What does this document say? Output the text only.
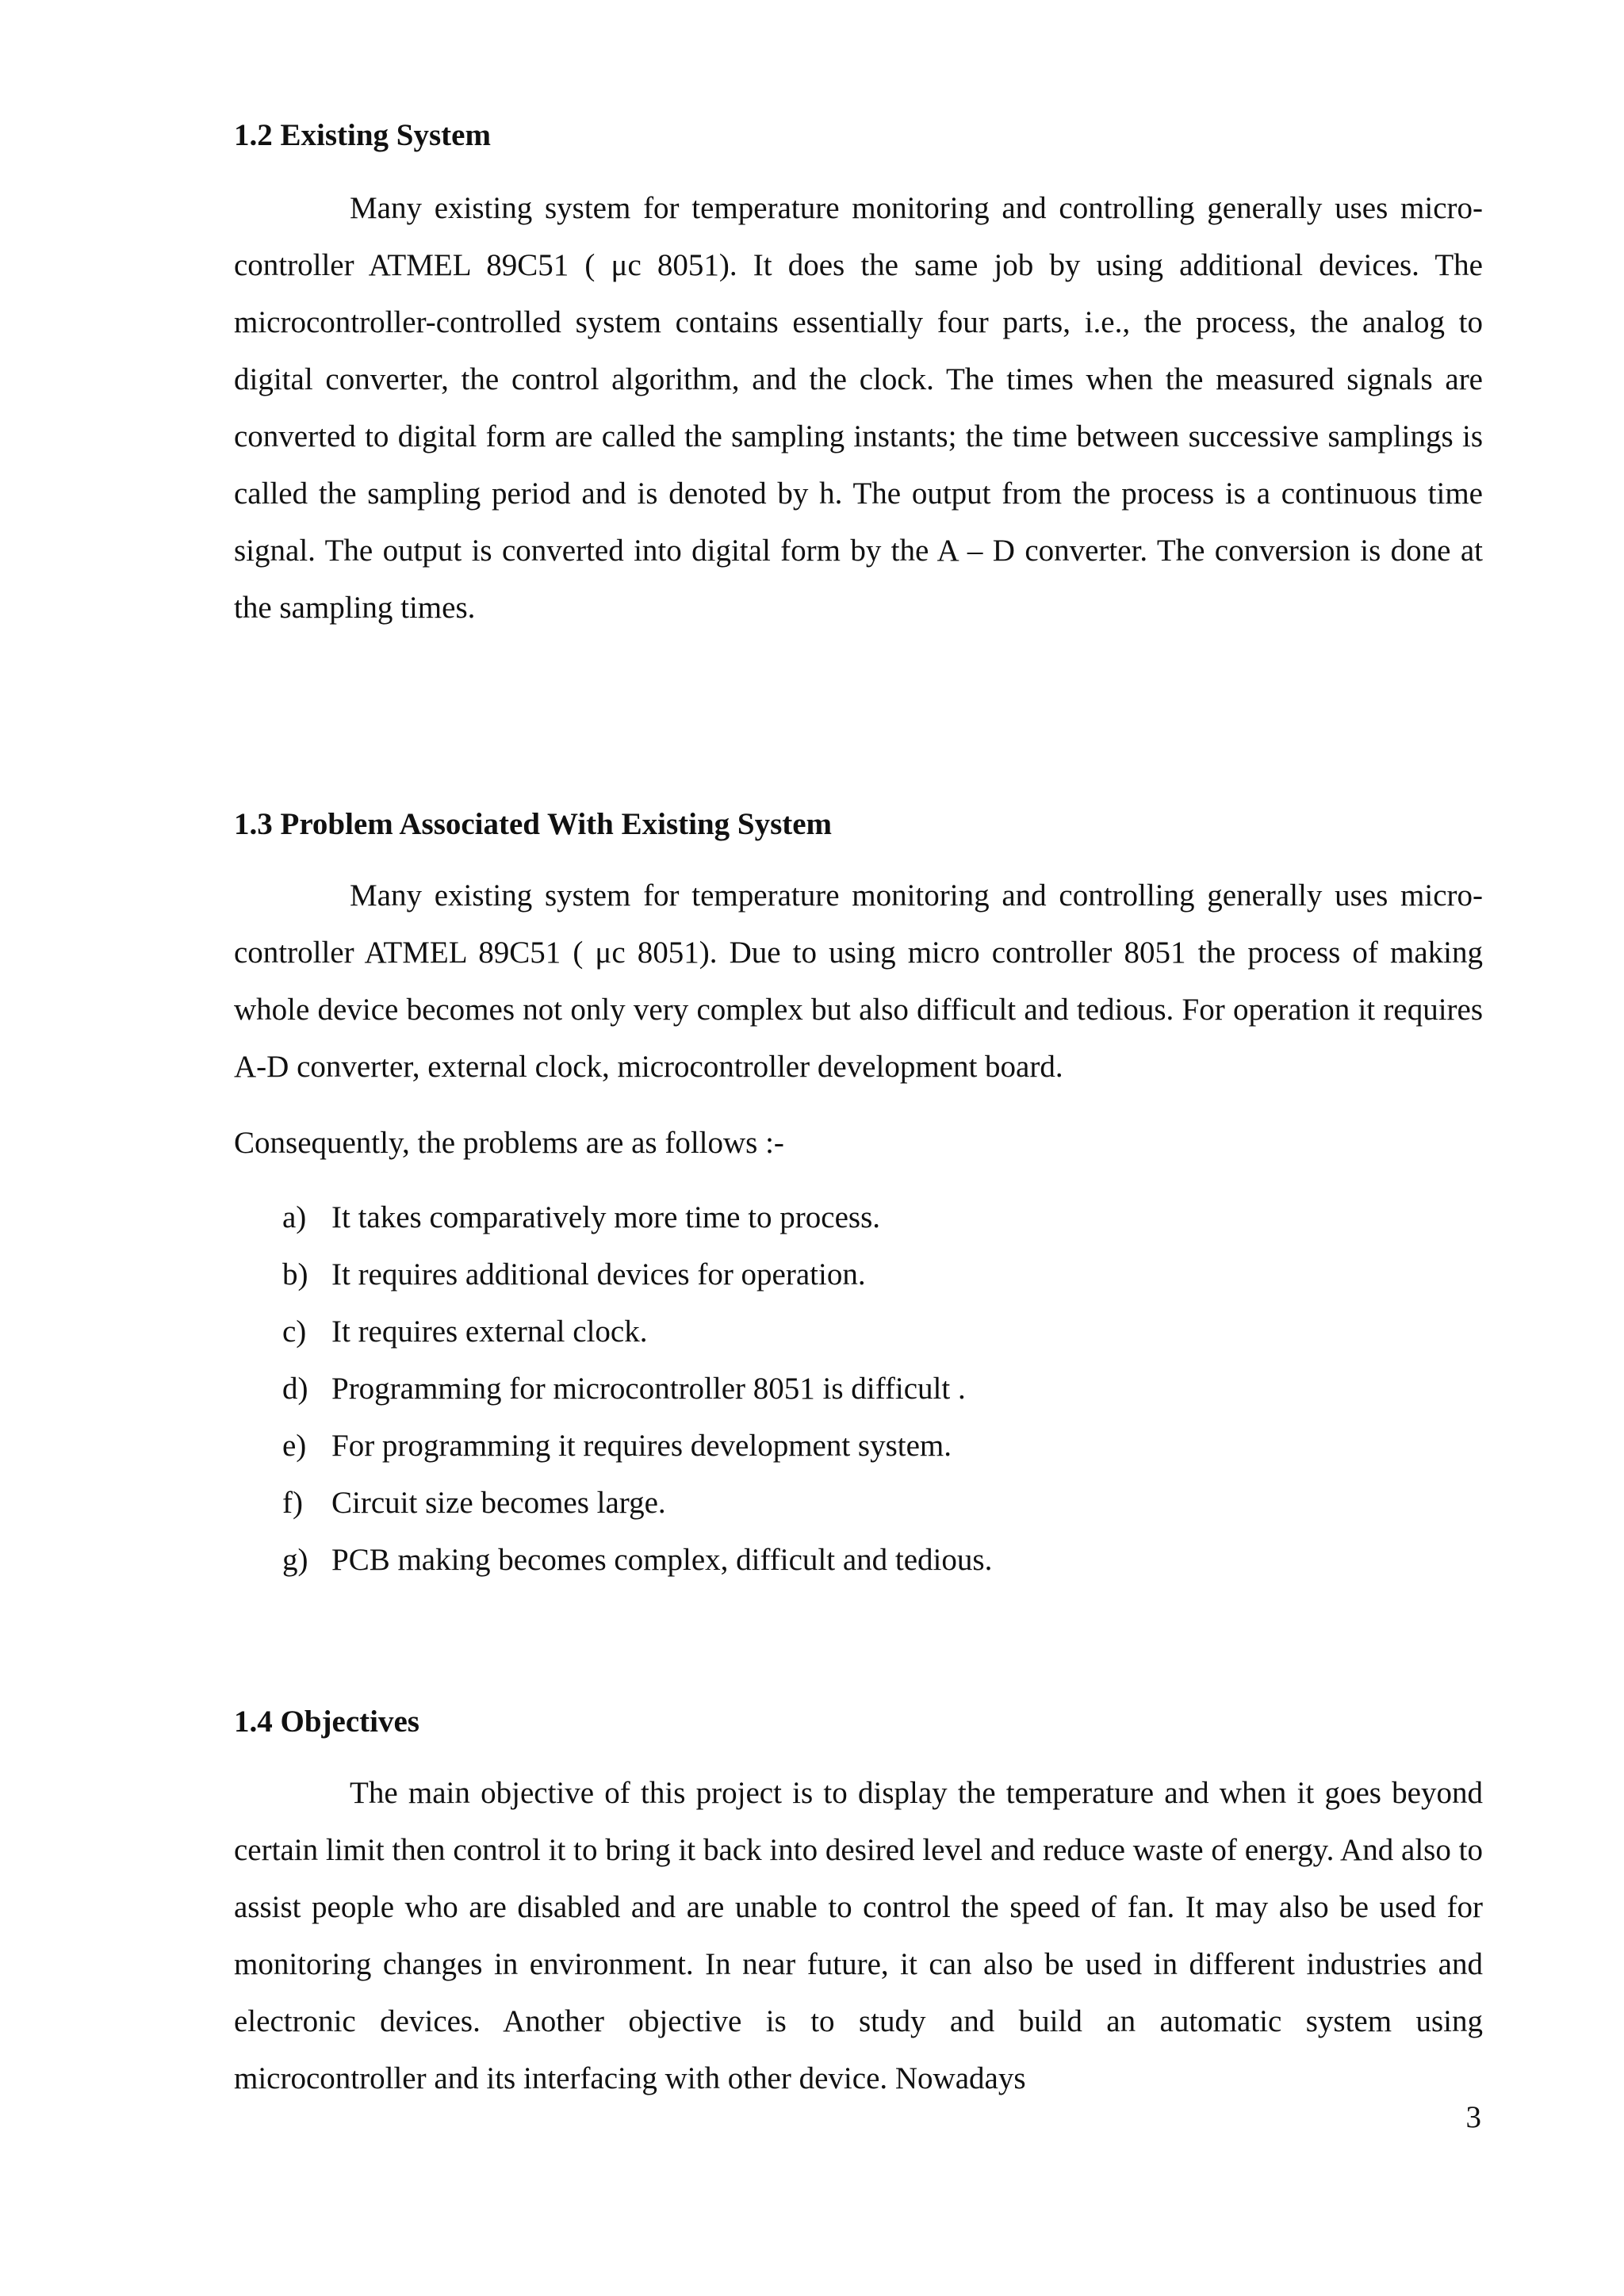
1.2 Existing System

Many existing system for temperature monitoring and controlling generally uses micro-controller ATMEL 89C51 ( μc 8051). It does the same job by using additional devices. The microcontroller-controlled system contains essentially four parts, i.e., the process, the analog to digital converter, the control algorithm, and the clock. The times when the measured signals are converted to digital form are called the sampling instants; the time between successive samplings is called the sampling period and is denoted by h. The output from the process is a continuous time signal. The output is converted into digital form by the A – D converter. The conversion is done at the sampling times.

1.3 Problem Associated With Existing System

Many existing system for temperature monitoring and controlling generally uses micro-controller ATMEL 89C51 ( μc 8051). Due to using micro controller 8051 the process of making whole device becomes not only very complex but also difficult and tedious. For operation it requires A-D converter, external clock, microcontroller development board.

Consequently, the problems are as follows :-
a) It takes comparatively more time to process.
b) It requires additional devices for operation.
c) It requires external clock.
d) Programming for microcontroller 8051 is difficult .
e) For programming it requires development system.
f) Circuit size becomes large.
g) PCB making becomes complex, difficult and tedious.
1.4 Objectives

The main objective of this project is to display the temperature and when it goes beyond certain limit then control it to bring it back into desired level and reduce waste of energy. And also to assist people who are disabled and are unable to control the speed of fan. It may also be used for monitoring changes in environment. In near future, it can also be used in different industries and electronic devices. Another objective is to study and build an automatic system using microcontroller and its interfacing with other device. Nowadays

3
